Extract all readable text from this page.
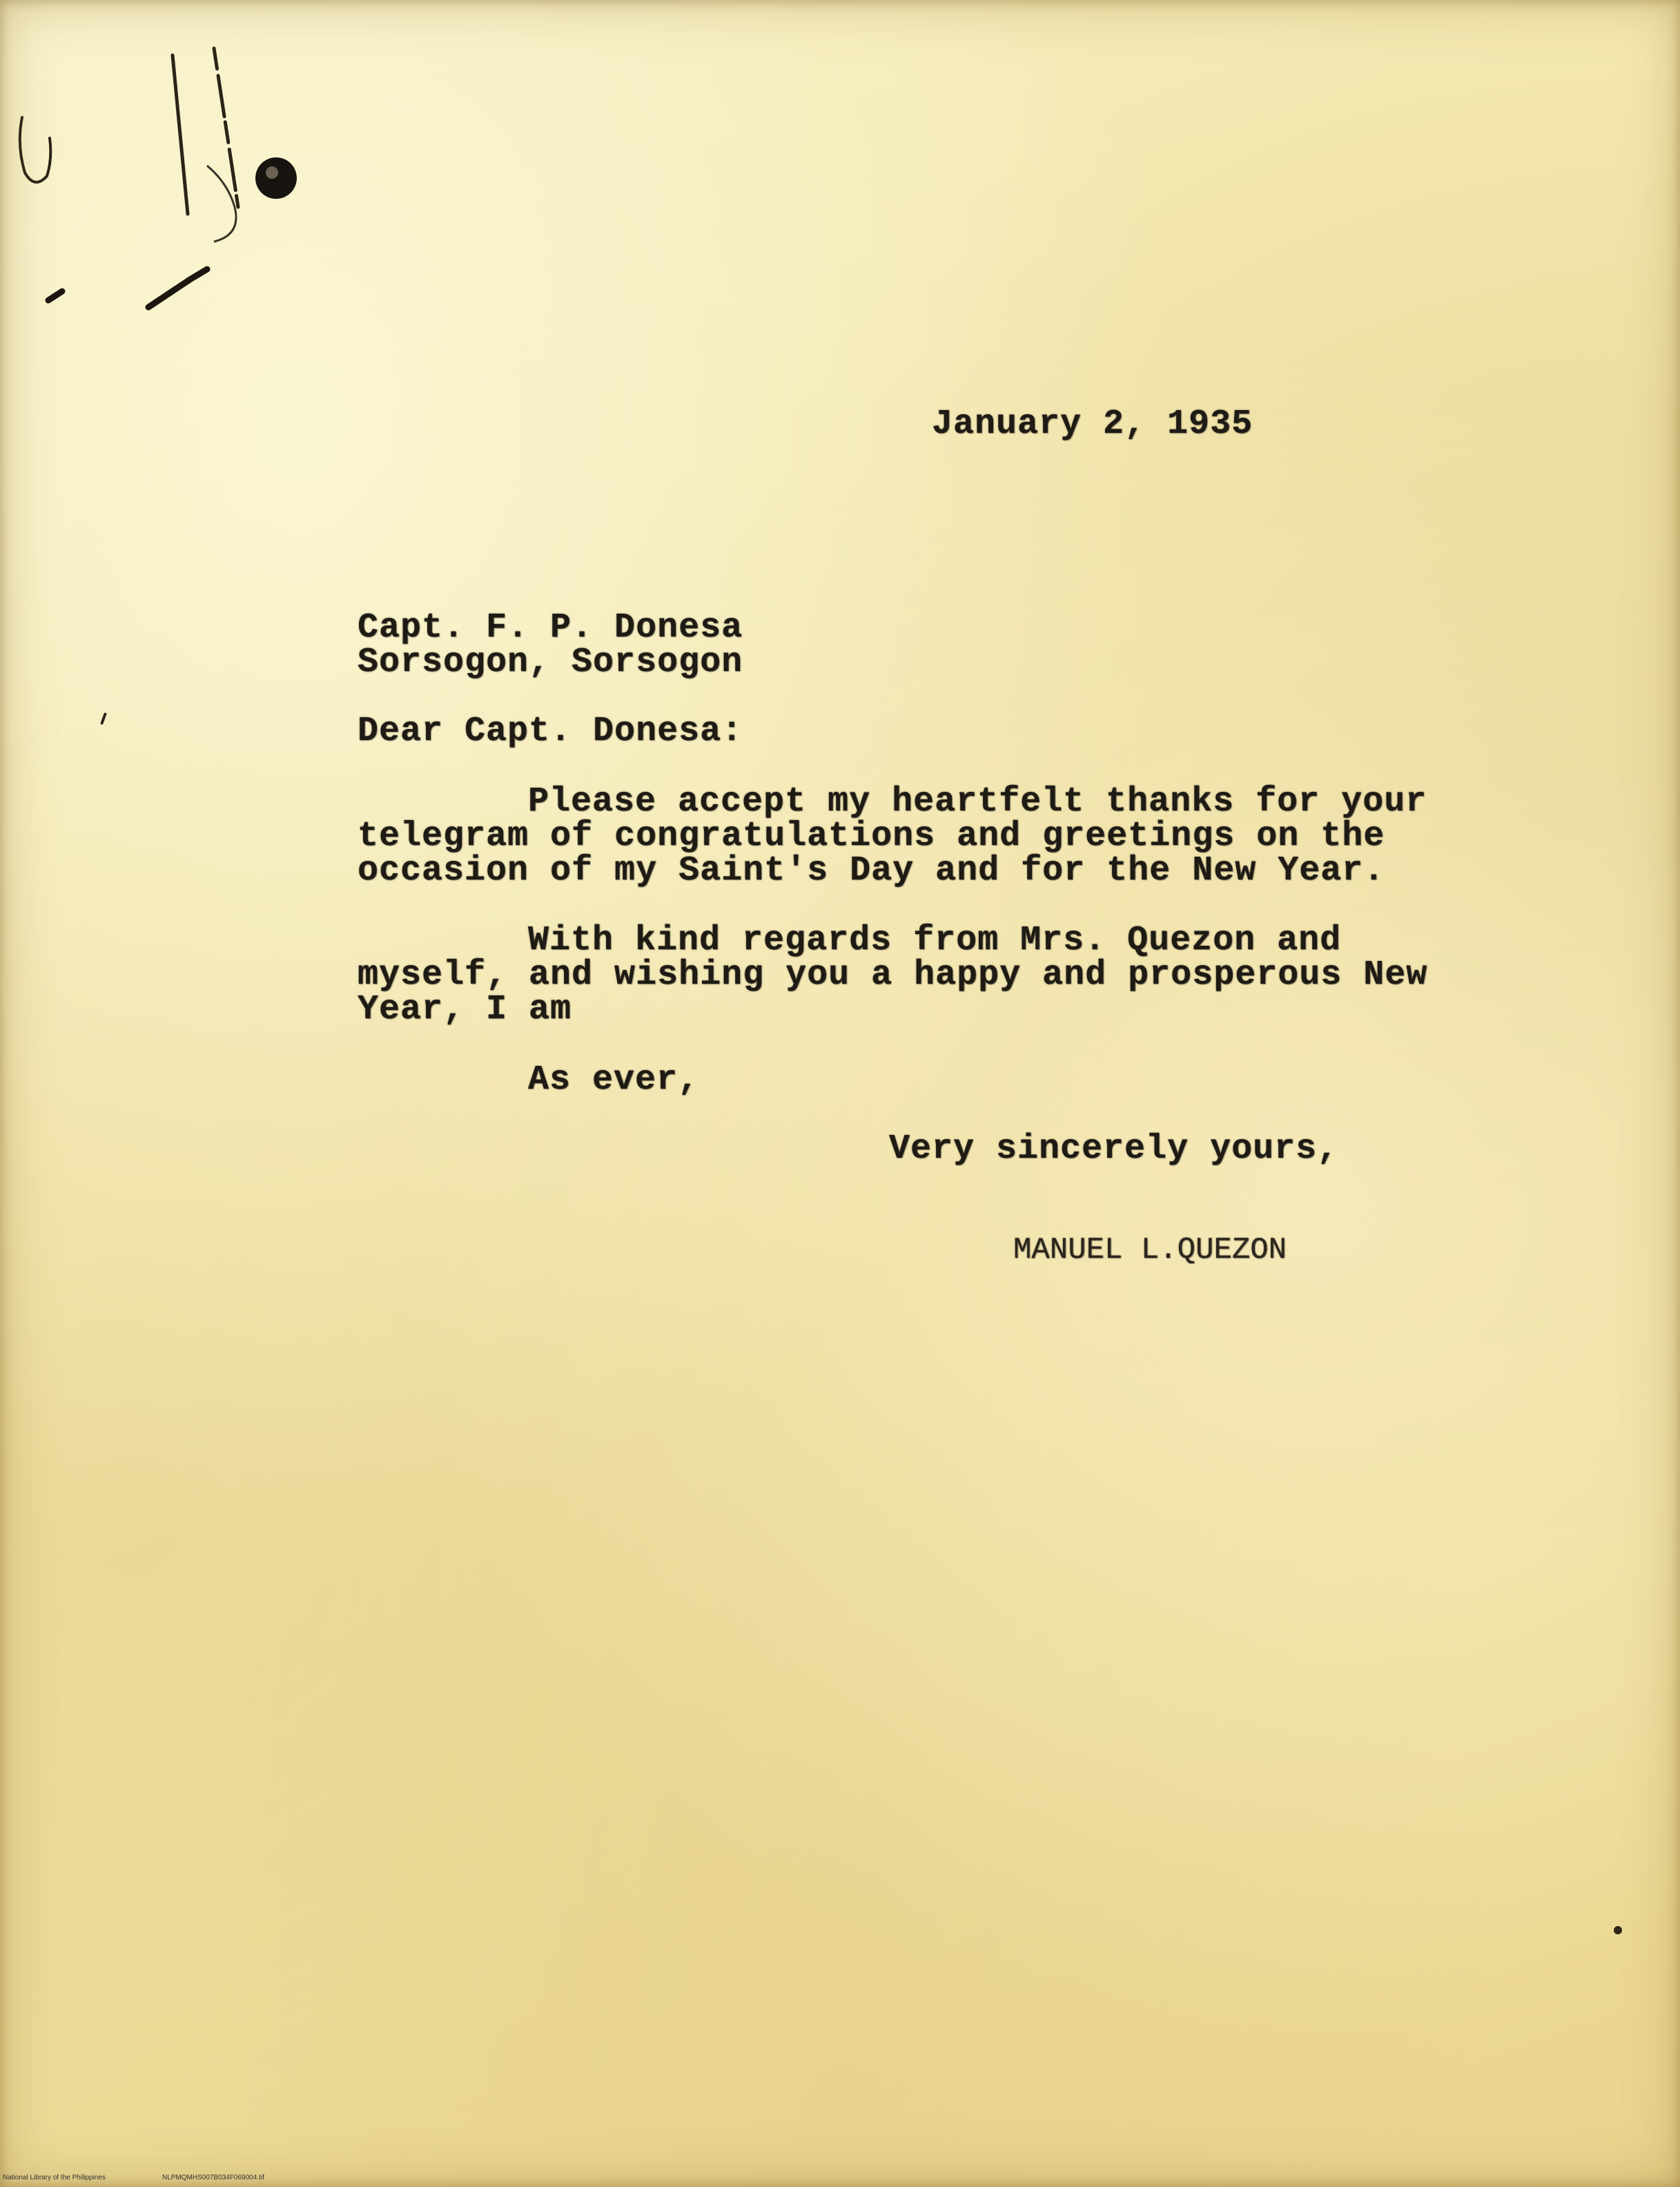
January 2, 1935
Capt. F. P. Donesa
Sorsogon, Sorsogon
Dear Capt. Donesa:
Please accept my heartfelt thanks for your
telegram of congratulations and greetings on the
occasion of my Saint's Day and for the New Year.
With kind regards from Mrs. Quezon and
myself, and wishing you a happy and prosperous New
Year, I am
As ever,
Very sincerely yours,
MANUEL L.QUEZON
National Library of the Philippines	NLPMQMHS007B034F069004.tif
